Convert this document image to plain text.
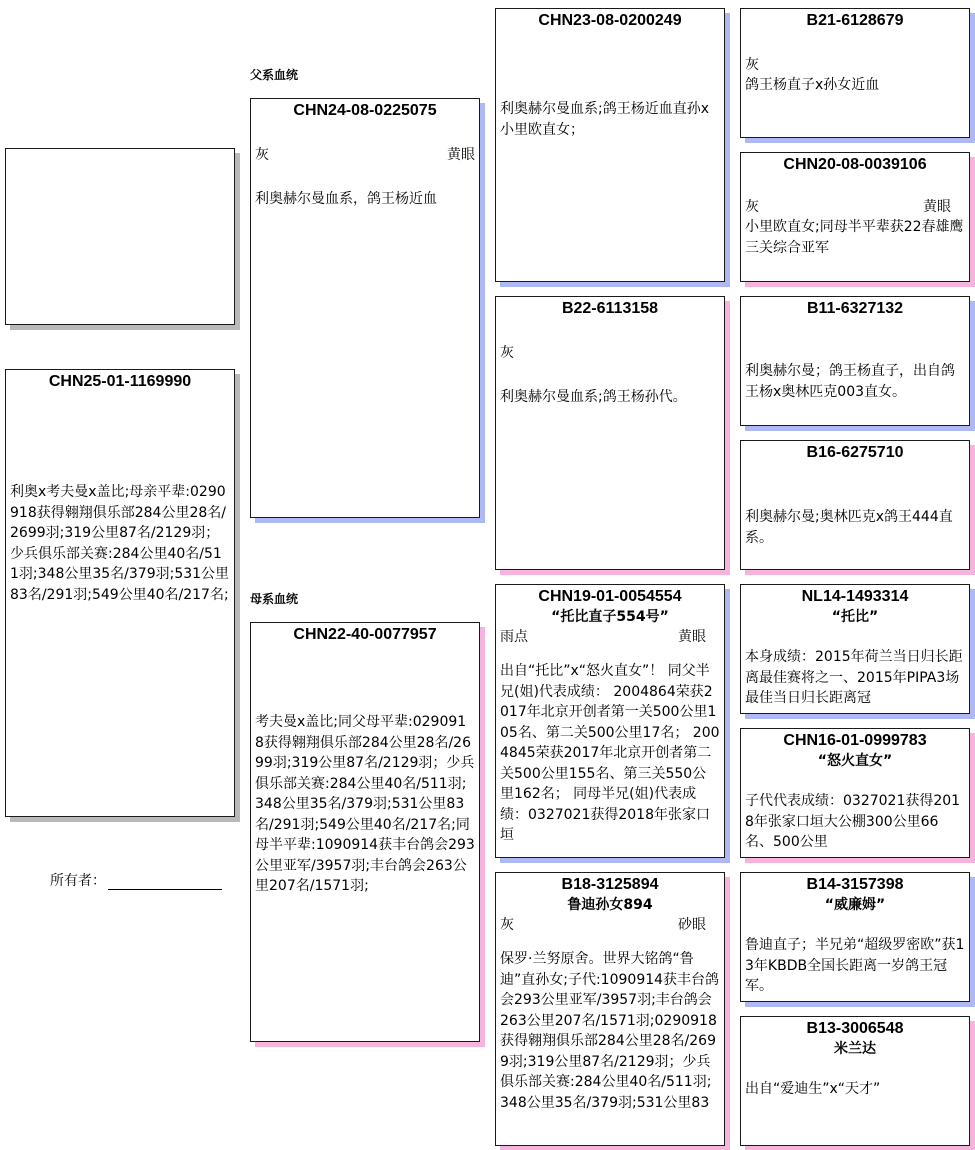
CHN25-01-1169990
利奥x考夫曼x盖比;母亲平辈:0290918获得翱翔俱乐部284公里28名/2699羽;319公里87名/2129羽；少兵俱乐部关赛:284公里40名/511羽;348公里35名/379羽;531公里83名/291羽;549公里40名/217名;
所有者：
父系血统
母系血统
CHN24-08-0225075
灰	黄眼
利奥赫尔曼血系，鸽王杨近血
CHN22-40-0077957
考夫曼x盖比;同父母平辈:0290918获得翱翔俱乐部284公里28名/2699羽;319公里87名/2129羽；少兵俱乐部关赛:284公里40名/511羽;348公里35名/379羽;531公里83名/291羽;549公里40名/217名;同母半平辈:1090914获丰台鸽会293公里亚军/3957羽;丰台鸽会263公里207名/1571羽;
CHN23-08-0200249
利奥赫尔曼血系;鸽王杨近血直孙x小里欧直女；
B22-6113158
灰
利奥赫尔曼血系;鸽王杨孙代。
CHN19-01-0054554
“托比直子554号”
雨点	黄眼
出自“托比”x“怒火直女”！ 同父半兄(姐)代表成绩： 2004864荣获2017年北京开创者第一关500公里105名、第二关500公里17名； 2004845荣获2017年北京开创者第二关500公里155名、第三关550公里162名； 同母半兄(姐)代表成绩：0327021获得2018年张家口垣
B18-3125894
鲁迪孙女894
灰	砂眼
保罗·兰努原舍。世界大铭鸽“鲁迪”直孙女;子代:1090914获丰台鸽会293公里亚军/3957羽;丰台鸽会263公里207名/1571羽;0290918获得翱翔俱乐部284公里28名/2699羽;319公里87名/2129羽；少兵俱乐部关赛:284公里40名/511羽;348公里35名/379羽;531公里83
B21-6128679
灰
鸽王杨直子x孙女近血
CHN20-08-0039106
灰	黄眼
小里欧直女;同母半平辈获22春雄鹰三关综合亚军
B11-6327132
利奥赫尔曼；鸽王杨直子，出自鸽王杨x奥林匹克003直女。
B16-6275710
利奥赫尔曼;奥林匹克x鸽王444直系。
NL14-1493314
“托比”
本身成绩：2015年荷兰当日归长距离最佳赛将之一、2015年PIPA3场最佳当日归长距离冠
CHN16-01-0999783
“怒火直女”
子代代表成绩：0327021获得2018年张家口垣大公棚300公里66名、500公里
B14-3157398
“威廉姆”
鲁迪直子；半兄弟“超级罗密欧”获13年KBDB全国长距离一岁鸽王冠军。
B13-3006548
米兰达
出自“爱迪生”x“天才”
